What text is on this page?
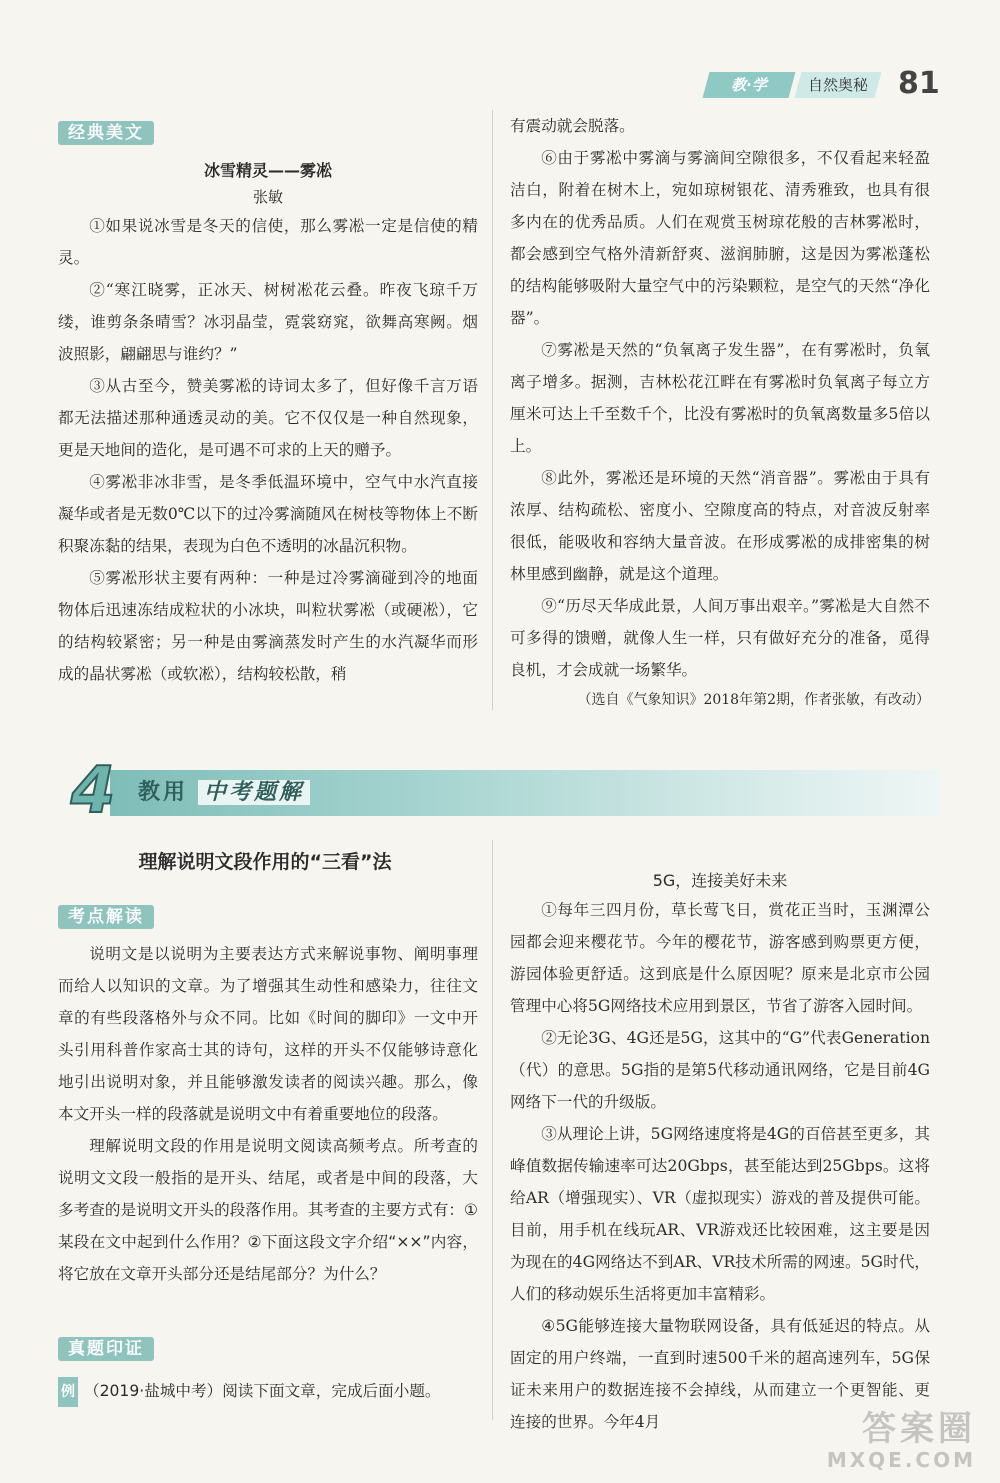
教·学	自然奥秘	81
经典美文

冰雪精灵——雾凇

张敏

①如果说冰雪是冬天的信使，那么雾凇一定是信使的精灵。

②“寒江晓雾，正冰天、树树凇花云叠。昨夜飞琼千万缕，谁剪条条晴雪？冰羽晶莹，霓裳窈窕，欲舞高寒阙。烟波照影，翩翩思与谁约？”

③从古至今，赞美雾凇的诗词太多了，但好像千言万语都无法描述那种通透灵动的美。它不仅仅是一种自然现象，更是天地间的造化，是可遇不可求的上天的赠予。

④雾凇非冰非雪，是冬季低温环境中，空气中水汽直接凝华或者是无数0℃以下的过冷雾滴随风在树枝等物体上不断积聚冻黏的结果，表现为白色不透明的冰晶沉积物。

⑤雾凇形状主要有两种：一种是过冷雾滴碰到冷的地面物体后迅速冻结成粒状的小冰块，叫粒状雾凇（或硬凇），它的结构较紧密；另一种是由雾滴蒸发时产生的水汽凝华而形成的晶状雾凇（或软凇），结构较松散，稍

有震动就会脱落。

⑥由于雾凇中雾滴与雾滴间空隙很多，不仅看起来轻盈洁白，附着在树木上，宛如琼树银花、清秀雅致，也具有很多内在的优秀品质。人们在观赏玉树琼花般的吉林雾凇时，都会感到空气格外清新舒爽、滋润肺腑，这是因为雾凇蓬松的结构能够吸附大量空气中的污染颗粒，是空气的天然“净化器”。

⑦雾凇是天然的“负氧离子发生器”，在有雾凇时，负氧离子增多。据测，吉林松花江畔在有雾凇时负氧离子每立方厘米可达上千至数千个，比没有雾凇时的负氧离数量多5倍以上。

⑧此外，雾凇还是环境的天然“消音器”。雾凇由于具有浓厚、结构疏松、密度小、空隙度高的特点，对音波反射率很低，能吸收和容纳大量音波。在形成雾凇的成排密集的树林里感到幽静，就是这个道理。

⑨“历尽天华成此景，人间万事出艰辛。”雾凇是大自然不可多得的馈赠，就像人生一样，只有做好充分的准备，觅得良机，才会成就一场繁华。

（选自《气象知识》2018年第2期，作者张敏，有改动）

4	教用 中考题解
理解说明文段作用的“三看”法
考点解读

说明文是以说明为主要表达方式来解说事物、阐明事理而给人以知识的文章。为了增强其生动性和感染力，往往文章的有些段落格外与众不同。比如《时间的脚印》一文中开头引用科普作家高士其的诗句，这样的开头不仅能够诗意化地引出说明对象，并且能够激发读者的阅读兴趣。那么，像本文开头一样的段落就是说明文中有着重要地位的段落。

理解说明文段的作用是说明文阅读高频考点。所考查的说明文文段一般指的是开头、结尾，或者是中间的段落，大多考查的是说明文开头的段落作用。其考查的主要方式有：①某段在文中起到什么作用？②下面这段文字介绍“××”内容，将它放在文章开头部分还是结尾部分？为什么？

真题印证
例 （2019·盐城中考）阅读下面文章，完成后面小题。

5G，连接美好未来

①每年三四月份，草长莺飞日，赏花正当时，玉渊潭公园都会迎来樱花节。今年的樱花节，游客感到购票更方便，游园体验更舒适。这到底是什么原因呢？原来是北京市公园管理中心将5G网络技术应用到景区，节省了游客入园时间。

②无论3G、4G还是5G，这其中的“G”代表Generation（代）的意思。5G指的是第5代移动通讯网络，它是目前4G网络下一代的升级版。

③从理论上讲，5G网络速度将是4G的百倍甚至更多，其峰值数据传输速率可达20Gbps，甚至能达到25Gbps。这将给AR（增强现实）、VR（虚拟现实）游戏的普及提供可能。目前，用手机在线玩AR、VR游戏还比较困难，这主要是因为现在的4G网络达不到AR、VR技术所需的网速。5G时代，人们的移动娱乐生活将更加丰富精彩。

④5G能够连接大量物联网设备，具有低延迟的特点。从固定的用户终端，一直到时速500千米的超高速列车，5G保证未来用户的数据连接不会掉线，从而建立一个更智能、更连接的世界。今年4月	答案圈
MXQE.COM
